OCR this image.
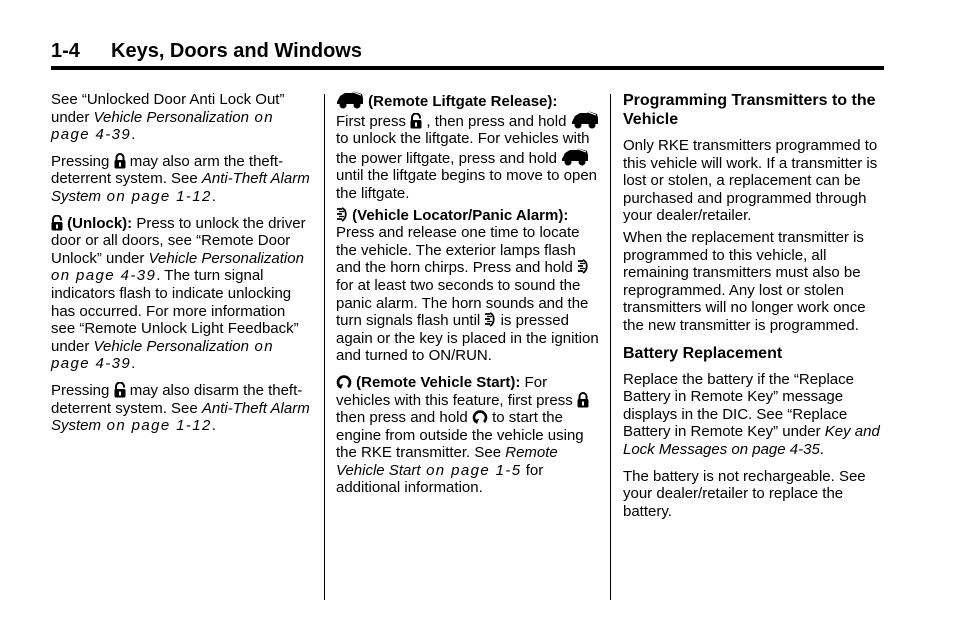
1-4 Keys, Doors and Windows

See “Unlocked Door Anti Lock Out” under Vehicle Personalization on page 4-39.

Pressing
may also arm the theft-deterrent system. See Anti-Theft Alarm System on page 1-12.

(Unlock): Press to unlock the driver door or all doors, see “Remote Door Unlock” under Vehicle Personalization on page 4-39. The turn signal indicators flash to indicate unlocking has occurred. For more information see “Remote Unlock Light Feedback” under Vehicle Personalization on page 4-39.

Pressing
may also disarm the theft-deterrent system. See Anti-Theft Alarm System on page 1-12.

(Remote Liftgate Release):
First press
, then press and hold
to unlock the liftgate. For vehicles with the power liftgate, press and hold
until the liftgate begins to move to open the liftgate.

(Vehicle Locator/Panic Alarm): Press and release one time to locate the vehicle. The exterior lamps flash and the horn chirps. Press and hold
for at least two seconds to sound the panic alarm. The horn sounds and the turn signals flash until
is pressed again or the key is placed in the ignition and turned to ON/RUN.

(Remote Vehicle Start): For vehicles with this feature, first press
then press and hold
to start the engine from outside the vehicle using the RKE transmitter. See Remote Vehicle Start on page 1-5 for additional information.

Programming Transmitters to the Vehicle

Only RKE transmitters programmed to this vehicle will work. If a transmitter is lost or stolen, a replacement can be purchased and programmed through your dealer/retailer.

When the replacement transmitter is programmed to this vehicle, all remaining transmitters must also be reprogrammed. Any lost or stolen transmitters will no longer work once the new transmitter is programmed.

Battery Replacement

Replace the battery if the “Replace Battery in Remote Key” message displays in the DIC. See “Replace Battery in Remote Key” under Key and Lock Messages on page 4-35.

The battery is not rechargeable. See your dealer/retailer to replace the battery.
